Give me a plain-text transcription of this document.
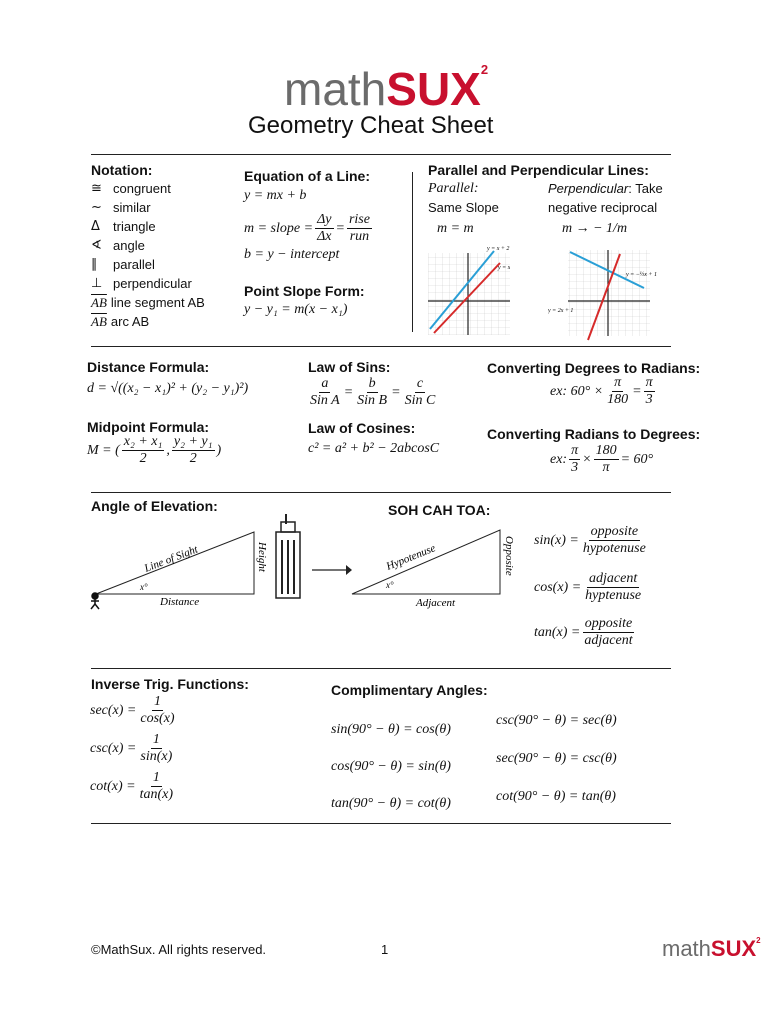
mathSUX$^2$
Geometry Cheat Sheet
Notation:
≅ congruent
~ similar
Δ	triangle
∢ angle
∥	parallel
⊥ perpendicular
$\overline{AB}$ line segment AB
$\overline{AB}$ arc AB
Equation of a Line:
y = mx + b
m = slope = $\frac{\Delta y}{\Delta x} = \frac{\text{rise}}{\text{run}}$
b = y − intercept
Point Slope Form:
y − y₁ = m(x − x₁)
Parallel and Perpendicular Lines:
Parallel:
Same Slope
m = m
Perpendicular: Take
negative reciprocal
m → − 1/m
y = x + 2
y = x
y = −½x + 1
y = 2x + 1
Distance Formula:
d = √((x₂ − x₁)² + (y₂ − y₁)²)
Midpoint Formula:
M = ( $\frac{\text{x₂ + x₁}}{2}$ , $\frac{\text{y₂ + y₁}}{2}$ )
Law of Sins:
$\frac{a}{\text{Sin A}} = \frac{b}{\text{Sin B}} = \frac{c}{\text{Sin C}}$
Law of Cosines:
c² = a² + b² − 2abcosC
Converting Degrees to Radians:
ex: $60^\circ \times \frac{\pi}{180} = \frac{\pi}{3}$
Converting Radians to Degrees:
ex: $\frac{\pi}{3} \times \frac{180}{\pi} = 60^\circ$
Angle of Elevation:
Line of Sight
Distance
x°
Height
SOH CAH TOA:
Hypotenuse
Adjacent
x°
Opposite $\sin(x) = \frac{\text{opposite}}{\text{hypotenuse}}$
$\cos(x) = \frac{\text{adjacent}}{\text{hyptenuse}}$
$\tan(x) = \frac{\text{opposite}}{\text{adjacent}}$
Inverse Trig. Functions:
$\sec(x) = \frac{1}{\cos(x)}$
$\csc(x) = \frac{1}{\sin(x)}$
$\cot(x) = \frac{1}{\tan(x)}$
Complimentary Angles:
sin(90° − θ) = cos(θ)
cos(90° − θ) = sin(θ)
tan(90° − θ) = cot(θ)
csc(90° − θ) = sec(θ)
sec(90° − θ) = csc(θ)
cot(90° − θ) = tan(θ)
©MathSux. All rights reserved.	1	mathSUX$^2$
